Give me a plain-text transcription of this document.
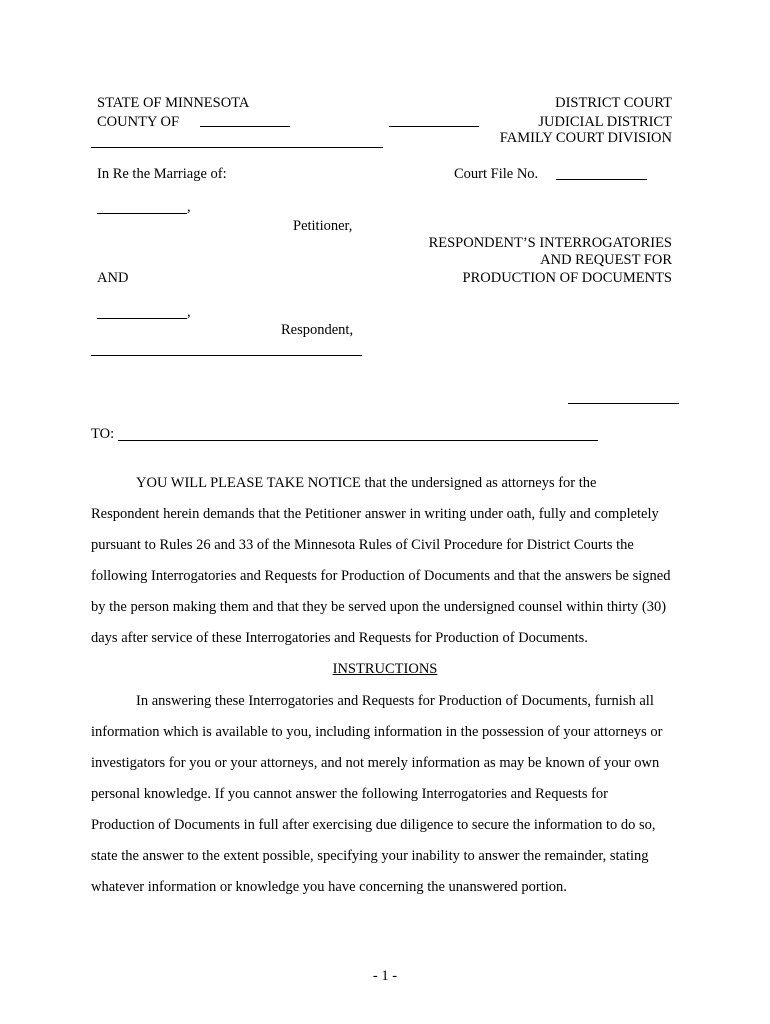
STATE OF MINNESOTA
COUNTY OF
DISTRICT COURT
JUDICIAL DISTRICT
FAMILY COURT DIVISION
In Re the Marriage of:	Court File No.
,
Petitioner,
RESPONDENT’S INTERROGATORIES
AND REQUEST FOR
PRODUCTION OF DOCUMENTS
AND
,
Respondent,
TO:
YOU WILL PLEASE TAKE NOTICE that the undersigned as attorneys for the
Respondent herein demands that the Petitioner answer in writing under oath, fully and completely
pursuant to Rules 26 and 33 of the Minnesota Rules of Civil Procedure for District Courts the
following Interrogatories and Requests for Production of Documents and that the answers be signed
by the person making them and that they be served upon the undersigned counsel within thirty (30)
days after service of these Interrogatories and Requests for Production of Documents.
INSTRUCTIONS
In answering these Interrogatories and Requests for Production of Documents, furnish all
information which is available to you, including information in the possession of your attorneys or
investigators for you or your attorneys, and not merely information as may be known of your own
personal knowledge. If you cannot answer the following Interrogatories and Requests for
Production of Documents in full after exercising due diligence to secure the information to do so,
state the answer to the extent possible, specifying your inability to answer the remainder, stating
whatever information or knowledge you have concerning the unanswered portion.
- 1 -
